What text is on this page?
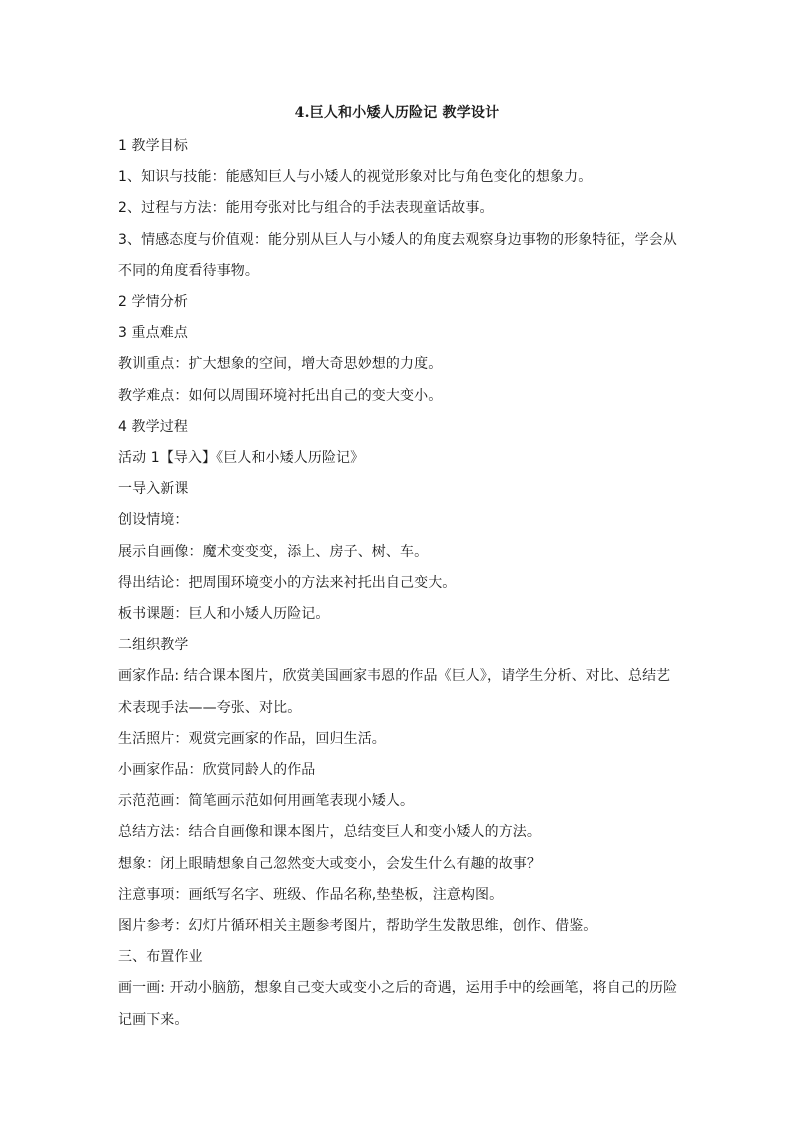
4.巨人和小矮人历险记 教学设计
1 教学目标
1、知识与技能：能感知巨人与小矮人的视觉形象对比与角色变化的想象力。
2、过程与方法：能用夸张对比与组合的手法表现童话故事。
3、情感态度与价值观：能分别从巨人与小矮人的角度去观察身边事物的形象特征，学会从
不同的角度看待事物。
2 学情分析
3 重点难点
教训重点：扩大想象的空间，增大奇思妙想的力度。
教学难点：如何以周围环境衬托出自己的变大变小。
4 教学过程
活动 1【导入】《巨人和小矮人历险记》
一导入新课
创设情境：
展示自画像：魔术变变变，添上、房子、树、车。
得出结论：把周围环境变小的方法来衬托出自己变大。
板书课题：巨人和小矮人历险记。
二组织教学
画家作品: 结合课本图片，欣赏美国画家韦恩的作品《巨人》，请学生分析、对比、总结艺
术表现手法——夸张、对比。
生活照片：观赏完画家的作品，回归生活。
小画家作品：欣赏同龄人的作品
示范范画：简笔画示范如何用画笔表现小矮人。
总结方法：结合自画像和课本图片，总结变巨人和变小矮人的方法。
想象：闭上眼睛想象自己忽然变大或变小，会发生什么有趣的故事？
注意事项：画纸写名字、班级、作品名称,垫垫板，注意构图。
图片参考：幻灯片循环相关主题参考图片，帮助学生发散思维，创作、借鉴。
三、布置作业
画一画: 开动小脑筋，想象自己变大或变小之后的奇遇，运用手中的绘画笔，将自己的历险
记画下来。
